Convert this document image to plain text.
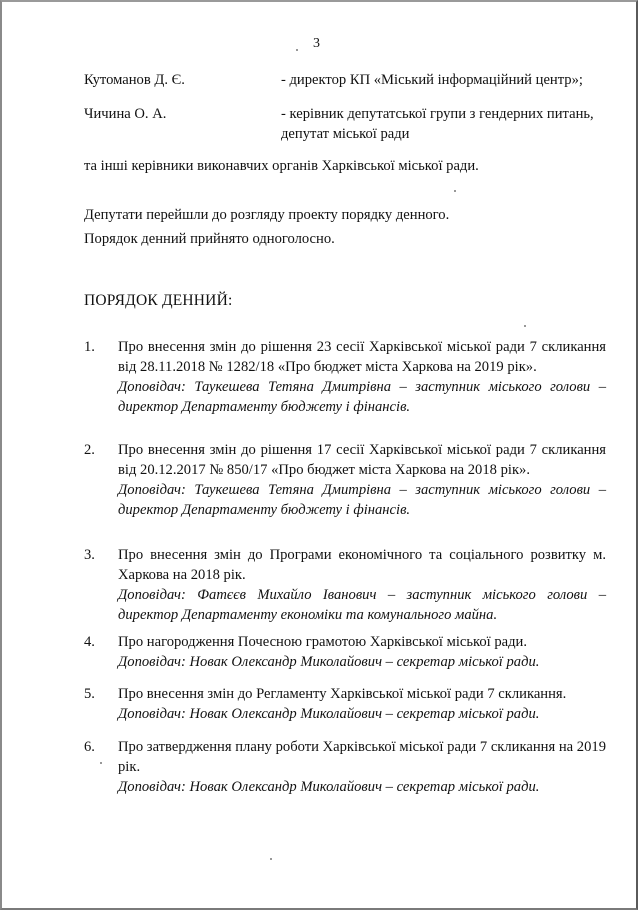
3
Кутоманов Д. Є.	- директор КП «Міський інформаційний центр»;
Чичина О. А.	- керівник депутатської групи з гендерних питань, депутат міської ради
та інші керівники виконавчих органів Харківської міської ради.
Депутати перейшли до розгляду проекту порядку денного.
Порядок денний прийнято одноголосно.
ПОРЯДОК ДЕННИЙ:
1.	Про внесення змін до рішення 23 сесії Харківської міської ради 7 скликання від 28.11.2018 № 1282/18 «Про бюджет міста Харкова на 2019 рік».
Доповідач: Таукешева Тетяна Дмитрівна – заступник міського голови – директор Департаменту бюджету і фінансів.
2.	Про внесення змін до рішення 17 сесії Харківської міської ради 7 скликання від 20.12.2017 № 850/17 «Про бюджет міста Харкова на 2018 рік».
Доповідач: Таукешева Тетяна Дмитрівна – заступник міського голови – директор Департаменту бюджету і фінансів.
3.	Про внесення змін до Програми економічного та соціального розвитку м. Харкова на 2018 рік.
Доповідач: Фатєєв Михайло Іванович – заступник міського голови – директор Департаменту економіки та комунального майна.
4.	Про нагородження Почесною грамотою Харківської міської ради.
Доповідач: Новак Олександр Миколайович – секретар міської ради.
5.	Про внесення змін до Регламенту Харківської міської ради 7 скликання.
Доповідач: Новак Олександр Миколайович – секретар міської ради.
6.	Про затвердження плану роботи Харківської міської ради 7 скликання на 2019 рік.
Доповідач: Новак Олександр Миколайович – секретар міської ради.
